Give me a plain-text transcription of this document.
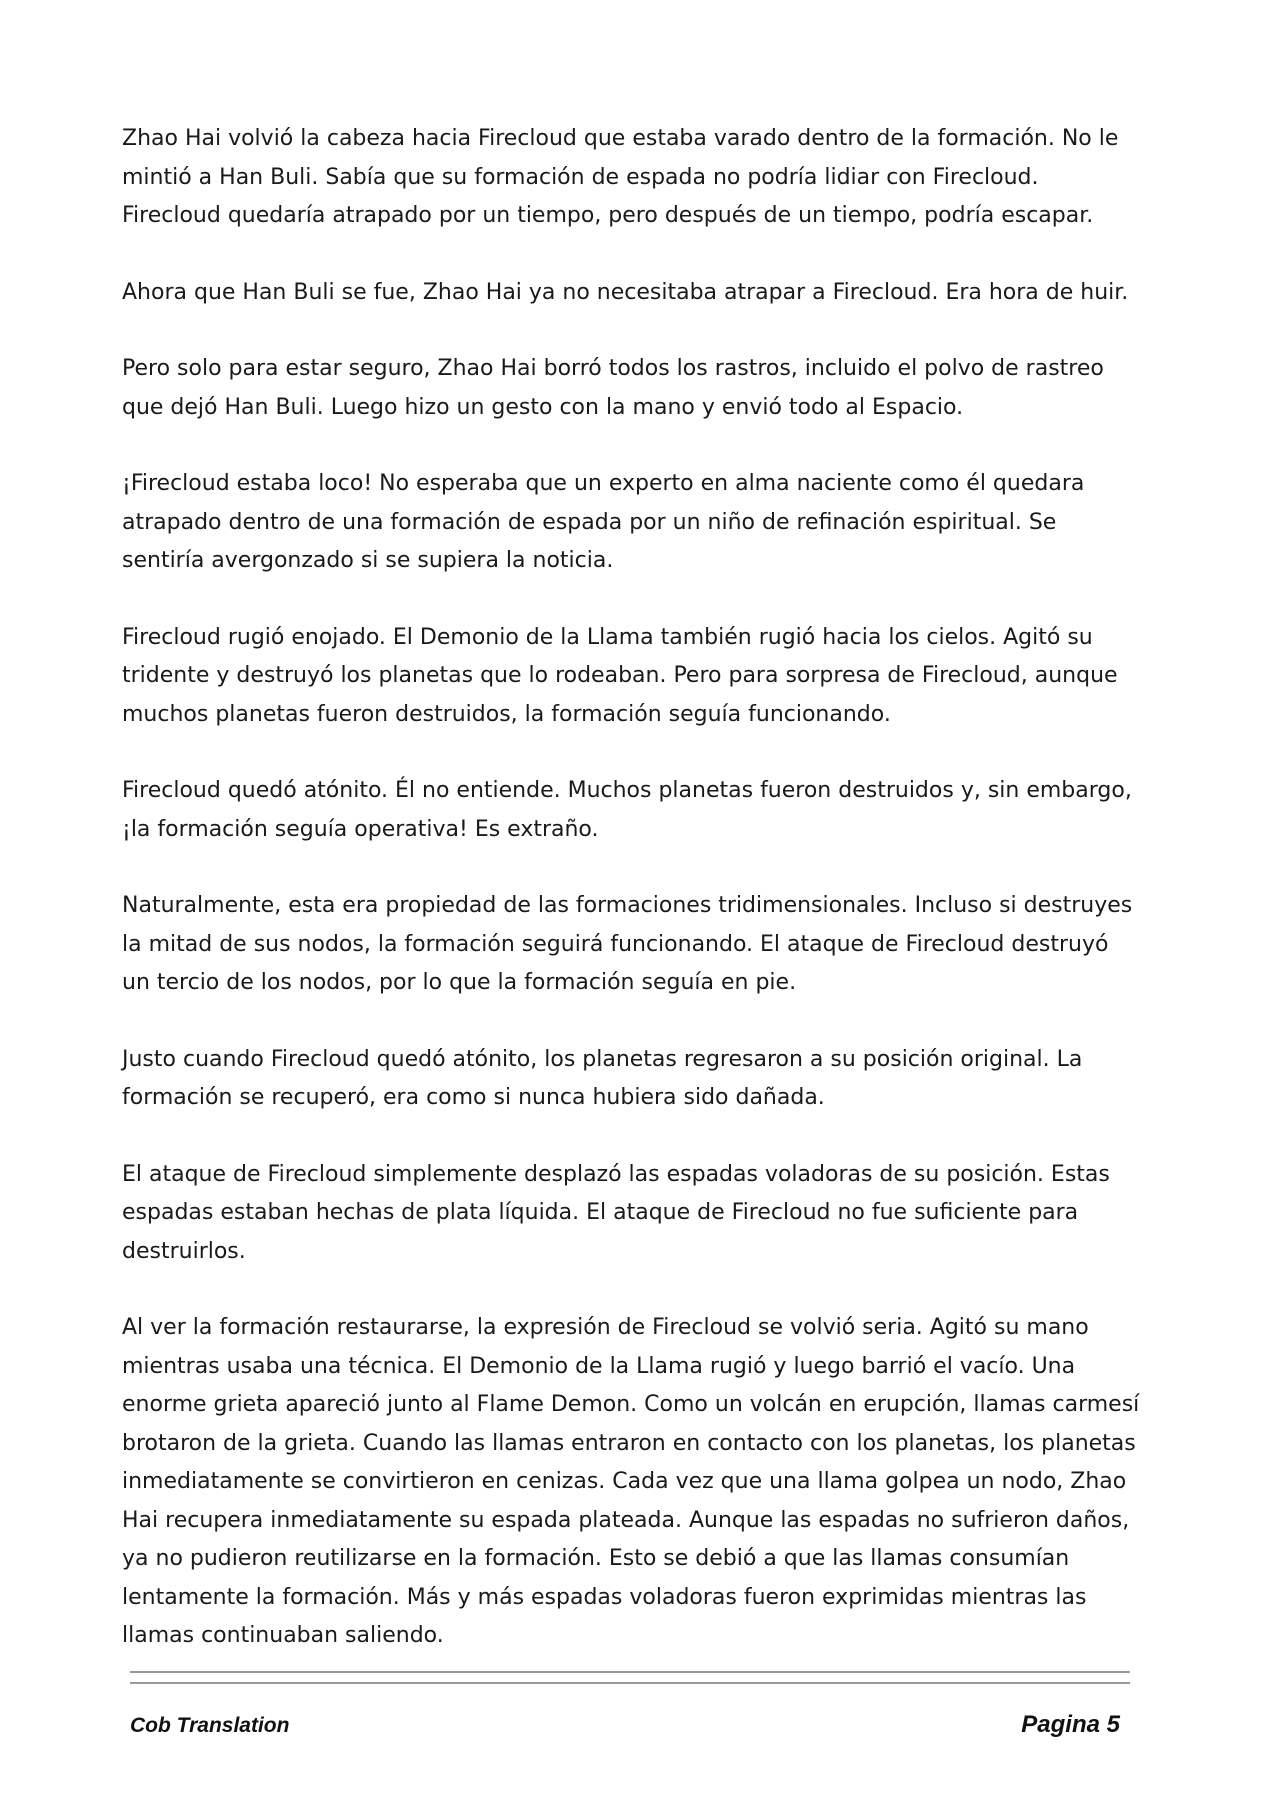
Zhao Hai volvió la cabeza hacia Firecloud que estaba varado dentro de la formación. No le mintió a Han Buli. Sabía que su formación de espada no podría lidiar con Firecloud. Firecloud quedaría atrapado por un tiempo, pero después de un tiempo, podría escapar.

Ahora que Han Buli se fue, Zhao Hai ya no necesitaba atrapar a Firecloud. Era hora de huir.

Pero solo para estar seguro, Zhao Hai borró todos los rastros, incluido el polvo de rastreo que dejó Han Buli. Luego hizo un gesto con la mano y envió todo al Espacio.

¡Firecloud estaba loco! No esperaba que un experto en alma naciente como él quedara atrapado dentro de una formación de espada por un niño de refinación espiritual. Se sentiría avergonzado si se supiera la noticia.

Firecloud rugió enojado. El Demonio de la Llama también rugió hacia los cielos. Agitó su tridente y destruyó los planetas que lo rodeaban. Pero para sorpresa de Firecloud, aunque muchos planetas fueron destruidos, la formación seguía funcionando.

Firecloud quedó atónito. Él no entiende. Muchos planetas fueron destruidos y, sin embargo, ¡la formación seguía operativa! Es extraño.

Naturalmente, esta era propiedad de las formaciones tridimensionales. Incluso si destruyes la mitad de sus nodos, la formación seguirá funcionando. El ataque de Firecloud destruyó un tercio de los nodos, por lo que la formación seguía en pie.

Justo cuando Firecloud quedó atónito, los planetas regresaron a su posición original. La formación se recuperó, era como si nunca hubiera sido dañada.

El ataque de Firecloud simplemente desplazó las espadas voladoras de su posición. Estas espadas estaban hechas de plata líquida. El ataque de Firecloud no fue suficiente para destruirlos.

Al ver la formación restaurarse, la expresión de Firecloud se volvió seria. Agitó su mano mientras usaba una técnica. El Demonio de la Llama rugió y luego barrió el vacío. Una enorme grieta apareció junto al Flame Demon. Como un volcán en erupción, llamas carmesí brotaron de la grieta. Cuando las llamas entraron en contacto con los planetas, los planetas inmediatamente se convirtieron en cenizas. Cada vez que una llama golpea un nodo, Zhao Hai recupera inmediatamente su espada plateada. Aunque las espadas no sufrieron daños, ya no pudieron reutilizarse en la formación. Esto se debió a que las llamas consumían lentamente la formación. Más y más espadas voladoras fueron exprimidas mientras las llamas continuaban saliendo.

Cob Translation	Pagina 5
